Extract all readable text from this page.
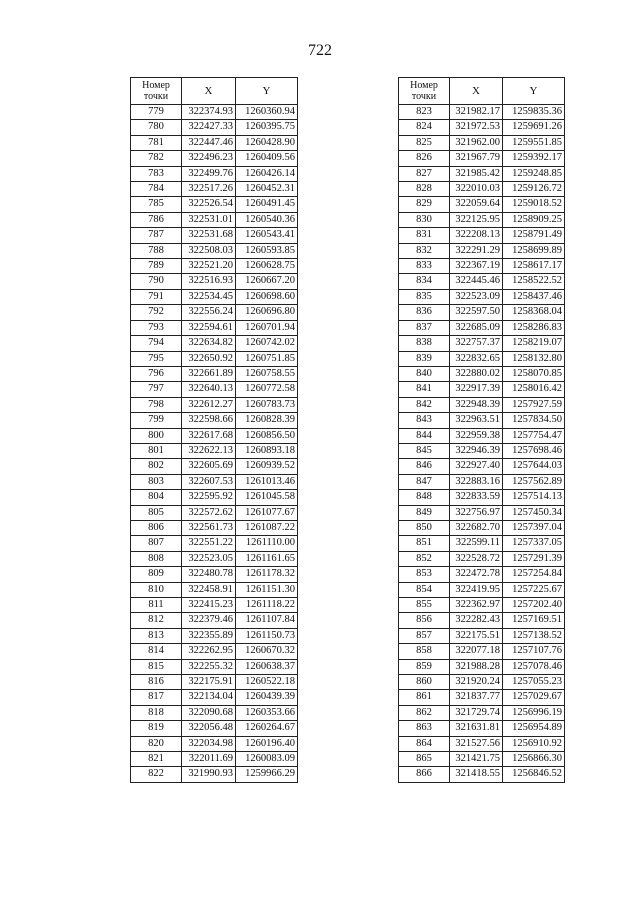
722
Номер
точки	X	Y
779	322374.93	1260360.94
780	322427.33	1260395.75
781	322447.46	1260428.90
782	322496.23	1260409.56
783	322499.76	1260426.14
784	322517.26	1260452.31
785	322526.54	1260491.45
786	322531.01	1260540.36
787	322531.68	1260543.41
788	322508.03	1260593.85
789	322521.20	1260628.75
790	322516.93	1260667.20
791	322534.45	1260698.60
792	322556.24	1260696.80
793	322594.61	1260701.94
794	322634.82	1260742.02
795	322650.92	1260751.85
796	322661.89	1260758.55
797	322640.13	1260772.58
798	322612.27	1260783.73
799	322598.66	1260828.39
800	322617.68	1260856.50
801	322622.13	1260893.18
802	322605.69	1260939.52
803	322607.53	1261013.46
804	322595.92	1261045.58
805	322572.62	1261077.67
806	322561.73	1261087.22
807	322551.22	1261110.00
808	322523.05	1261161.65
809	322480.78	1261178.32
810	322458.91	1261151.30
811	322415.23	1261118.22
812	322379.46	1261107.84
813	322355.89	1261150.73
814	322262.95	1260670.32
815	322255.32	1260638.37
816	322175.91	1260522.18
817	322134.04	1260439.39
818	322090.68	1260353.66
819	322056.48	1260264.67
820	322034.98	1260196.40
821	322011.69	1260083.09
822	321990.93	1259966.29
Номер
точки	X	Y
823	321982.17	1259835.36
824	321972.53	1259691.26
825	321962.00	1259551.85
826	321967.79	1259392.17
827	321985.42	1259248.85
828	322010.03	1259126.72
829	322059.64	1259018.52
830	322125.95	1258909.25
831	322208.13	1258791.49
832	322291.29	1258699.89
833	322367.19	1258617.17
834	322445.46	1258522.52
835	322523.09	1258437.46
836	322597.50	1258368.04
837	322685.09	1258286.83
838	322757.37	1258219.07
839	322832.65	1258132.80
840	322880.02	1258070.85
841	322917.39	1258016.42
842	322948.39	1257927.59
843	322963.51	1257834.50
844	322959.38	1257754.47
845	322946.39	1257698.46
846	322927.40	1257644.03
847	322883.16	1257562.89
848	322833.59	1257514.13
849	322756.97	1257450.34
850	322682.70	1257397.04
851	322599.11	1257337.05
852	322528.72	1257291.39
853	322472.78	1257254.84
854	322419.95	1257225.67
855	322362.97	1257202.40
856	322282.43	1257169.51
857	322175.51	1257138.52
858	322077.18	1257107.76
859	321988.28	1257078.46
860	321920.24	1257055.23
861	321837.77	1257029.67
862	321729.74	1256996.19
863	321631.81	1256954.89
864	321527.56	1256910.92
865	321421.75	1256866.30
866	321418.55	1256846.52
